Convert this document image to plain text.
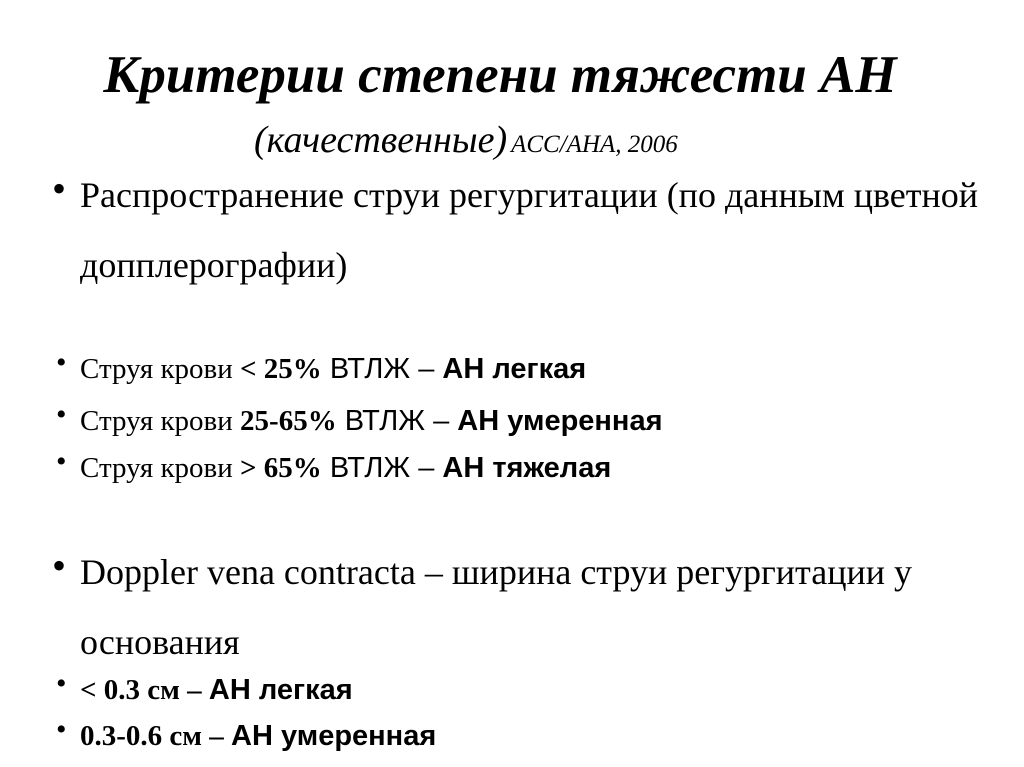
Критерии степени тяжести АН
(качественные) ACC/AHA, 2006
• Распространение струи регургитации (по данным цветной допплерографии)
• Струя крови < 25% ВТЛЖ – АН легкая
• Струя крови 25-65% ВТЛЖ – АН умеренная
• Струя крови > 65% ВТЛЖ – АН тяжелая
• Doppler vena contracta – ширина струи регургитации у основания
• < 0.3 см – АН легкая
• 0.3-0.6 см – АН умеренная
